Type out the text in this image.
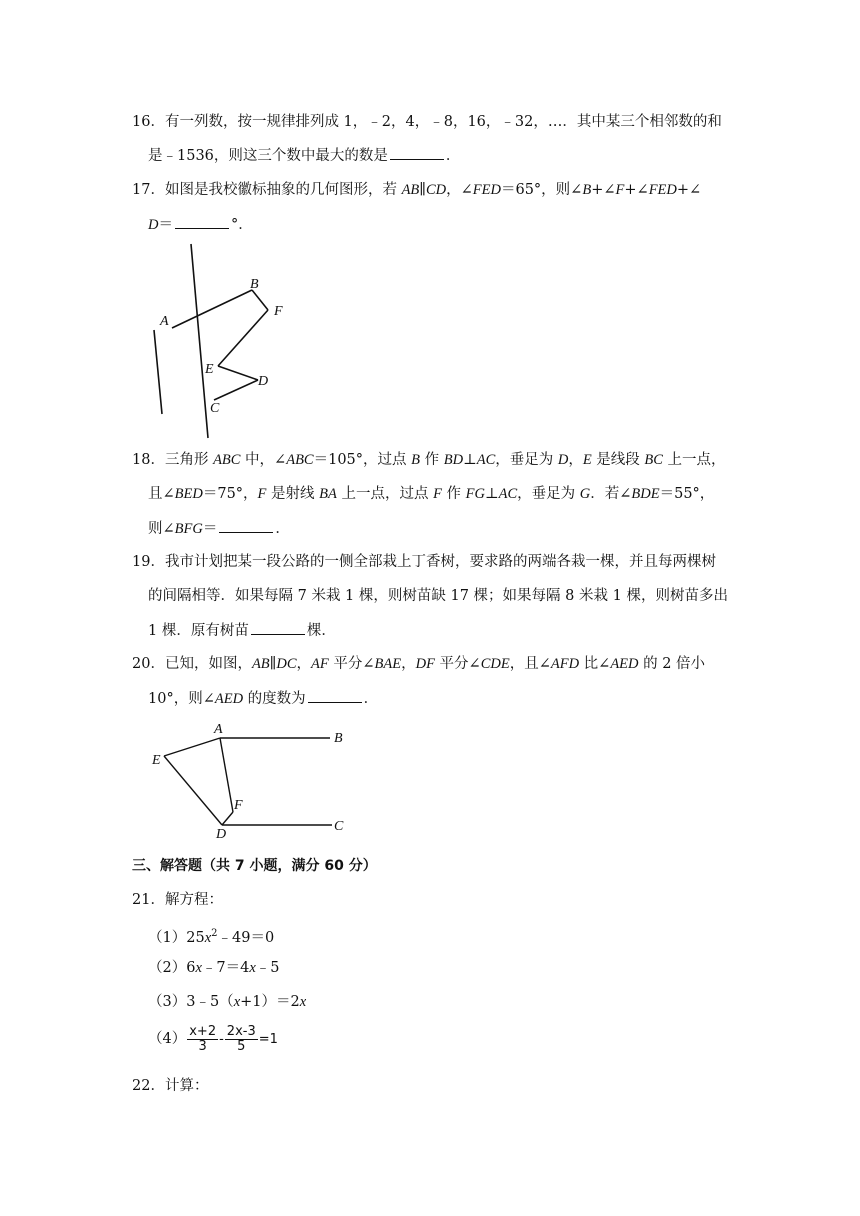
16．有一列数，按一规律排列成 1，﹣2，4，﹣8，16，﹣32，…．其中某三个相邻数的和
是﹣1536，则这三个数中最大的数是	．
17．如图是我校徽标抽象的几何图形，若 AB∥CD，∠FED＝65°，则∠B+∠F+∠FED+∠
D＝	°．
A
B
F
E
D
C
18．三角形 ABC 中，∠ABC＝105°，过点 B 作 BD⊥AC，垂足为 D，E 是线段 BC 上一点，
且∠BED＝75°，F 是射线 BA 上一点，过点 F 作 FG⊥AC，垂足为 G．若∠BDE＝55°，
则∠BFG＝	．
19．我市计划把某一段公路的一侧全部栽上丁香树，要求路的两端各栽一棵，并且每两棵树
的间隔相等．如果每隔 7 米栽 1 棵，则树苗缺 17 棵；如果每隔 8 米栽 1 棵，则树苗多出
1 棵．原有树苗	棵．
20．已知，如图，AB∥DC，AF 平分∠BAE，DF 平分∠CDE，且∠AFD 比∠AED 的 2 倍小
10°，则∠AED 的度数为	．
A
B
E
F
D
C
三、解答题（共 7 小题，满分 60 分）
21．解方程：
$(1)25x^2﹣49=0$
（2）6x﹣7＝4x﹣5
（3）3﹣5（x+1）＝2x
$(4) \frac{x+2}{3} - \frac{2x-3}{5} =1$
22．计算：
